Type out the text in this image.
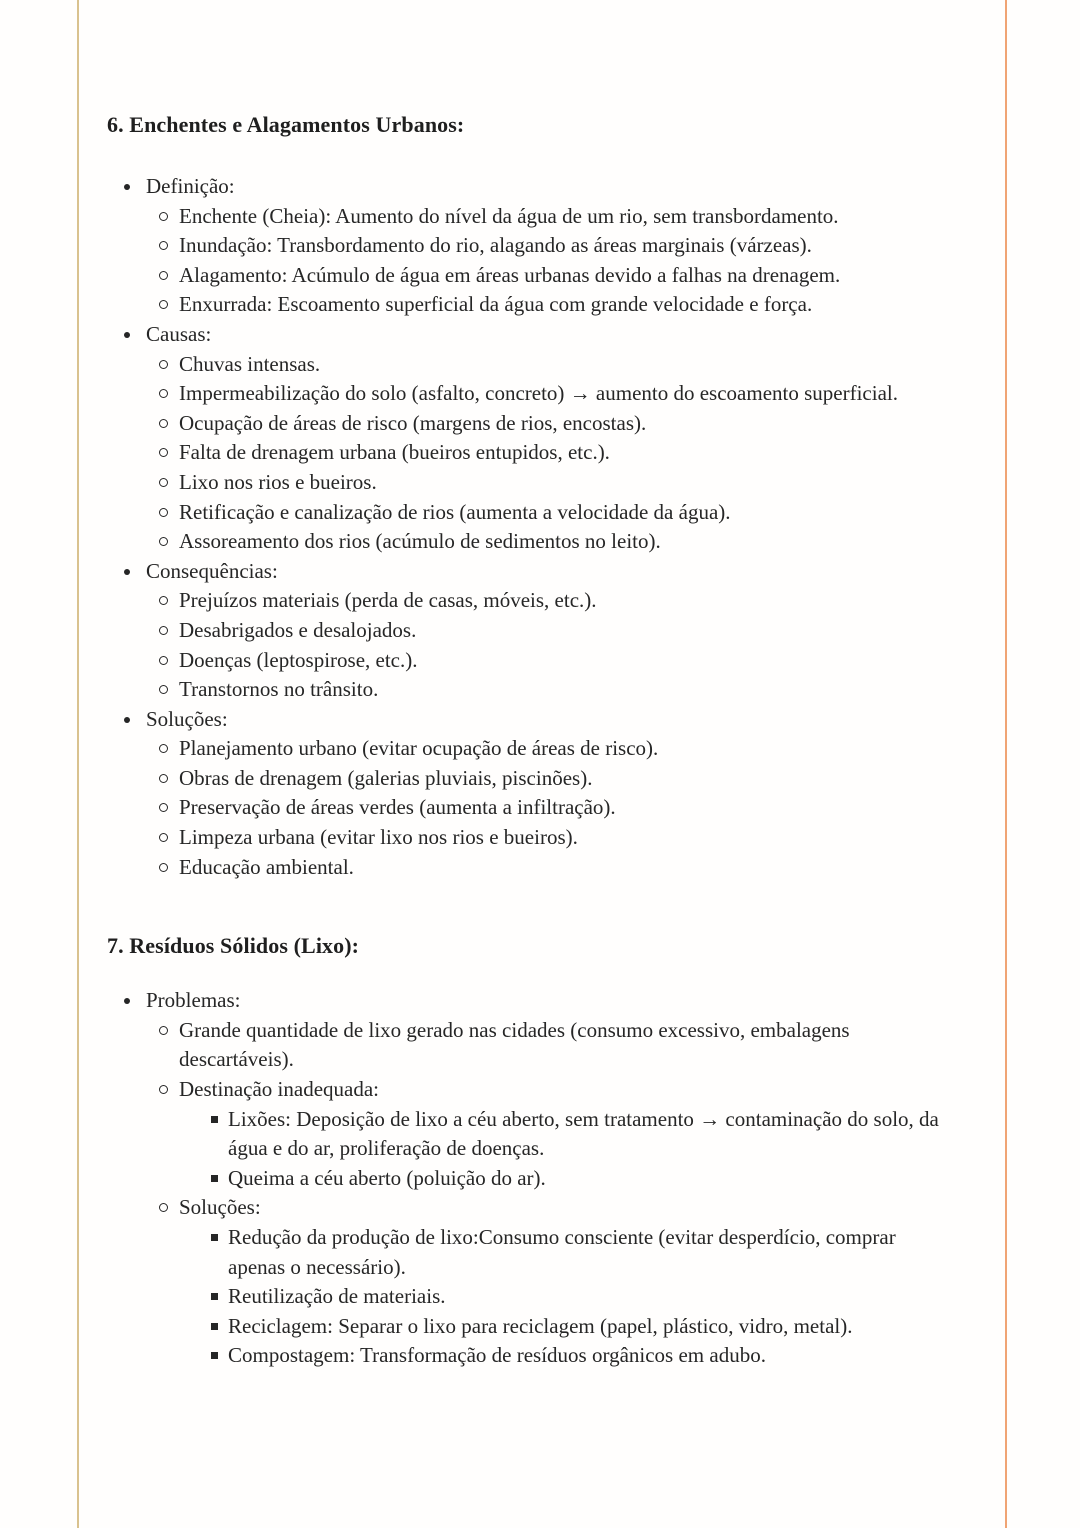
6. Enchentes e Alagamentos Urbanos:
Definição:
Enchente (Cheia): Aumento do nível da água de um rio, sem transbordamento.
Inundação: Transbordamento do rio, alagando as áreas marginais (várzeas).
Alagamento: Acúmulo de água em áreas urbanas devido a falhas na drenagem.
Enxurrada: Escoamento superficial da água com grande velocidade e força.
Causas:
Chuvas intensas.
Impermeabilização do solo (asfalto, concreto) → aumento do escoamento superficial.
Ocupação de áreas de risco (margens de rios, encostas).
Falta de drenagem urbana (bueiros entupidos, etc.).
Lixo nos rios e bueiros.
Retificação e canalização de rios (aumenta a velocidade da água).
Assoreamento dos rios (acúmulo de sedimentos no leito).
Consequências:
Prejuízos materiais (perda de casas, móveis, etc.).
Desabrigados e desalojados.
Doenças (leptospirose, etc.).
Transtornos no trânsito.
Soluções:
Planejamento urbano (evitar ocupação de áreas de risco).
Obras de drenagem (galerias pluviais, piscinões).
Preservação de áreas verdes (aumenta a infiltração).
Limpeza urbana (evitar lixo nos rios e bueiros).
Educação ambiental.
7. Resíduos Sólidos (Lixo):
Problemas:
Grande quantidade de lixo gerado nas cidades (consumo excessivo, embalagens descartáveis).
Destinação inadequada:
Lixões: Deposição de lixo a céu aberto, sem tratamento → contaminação do solo, da água e do ar, proliferação de doenças.
Queima a céu aberto (poluição do ar).
Soluções:
Redução da produção de lixo:Consumo consciente (evitar desperdício, comprar apenas o necessário).
Reutilização de materiais.
Reciclagem: Separar o lixo para reciclagem (papel, plástico, vidro, metal).
Compostagem: Transformação de resíduos orgânicos em adubo.
